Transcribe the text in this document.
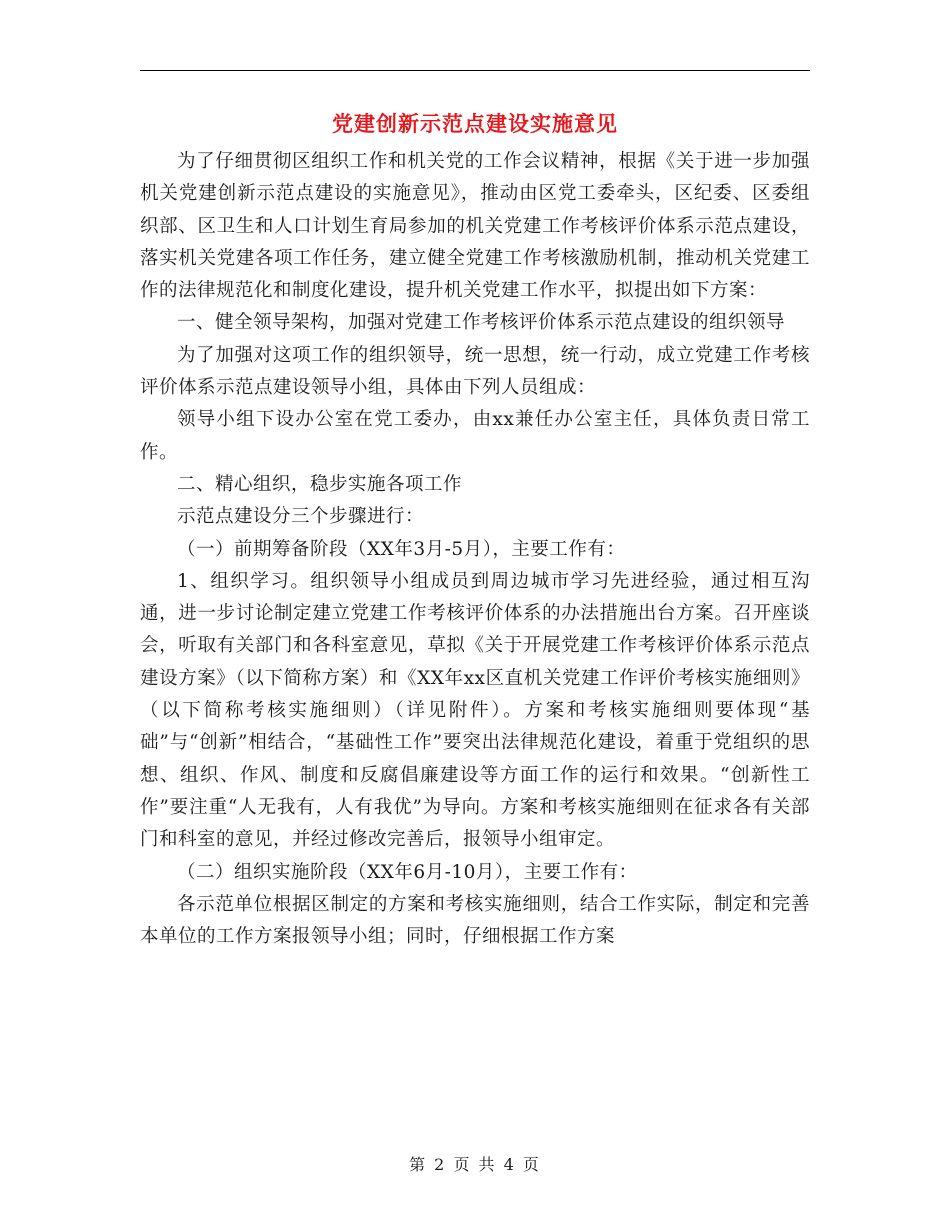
党建创新示范点建设实施意见

为了仔细贯彻区组织工作和机关党的工作会议精神，根据《关于进一步加强机关党建创新示范点建设的实施意见》，推动由区党工委牵头，区纪委、区委组织部、区卫生和人口计划生育局参加的机关党建工作考核评价体系示范点建设，落实机关党建各项工作任务，建立健全党建工作考核激励机制，推动机关党建工作的法律规范化和制度化建设，提升机关党建工作水平，拟提出如下方案：

一、健全领导架构，加强对党建工作考核评价体系示范点建设的组织领导

为了加强对这项工作的组织领导，统一思想，统一行动，成立党建工作考核评价体系示范点建设领导小组，具体由下列人员组成：

领导小组下设办公室在党工委办，由xx兼任办公室主任，具体负责日常工作。

二、精心组织，稳步实施各项工作

示范点建设分三个步骤进行：

（一）前期筹备阶段（XX年3月-5月），主要工作有：

1、组织学习。组织领导小组成员到周边城市学习先进经验，通过相互沟通，进一步讨论制定建立党建工作考核评价体系的办法措施出台方案。召开座谈会，听取有关部门和各科室意见，草拟《关于开展党建工作考核评价体系示范点建设方案》（以下简称方案）和《XX年xx区直机关党建工作评价考核实施细则》（以下简称考核实施细则）（详见附件）。方案和考核实施细则要体现“基础”与“创新”相结合，“基础性工作”要突出法律规范化建设，着重于党组织的思想、组织、作风、制度和反腐倡廉建设等方面工作的运行和效果。“创新性工作”要注重“人无我有，人有我优”为导向。方案和考核实施细则在征求各有关部门和科室的意见，并经过修改完善后，报领导小组审定。

（二）组织实施阶段（XX年6月-10月），主要工作有：

各示范单位根据区制定的方案和考核实施细则，结合工作实际，制定和完善本单位的工作方案报领导小组；同时，仔细根据工作方案

第 2 页 共 4 页
